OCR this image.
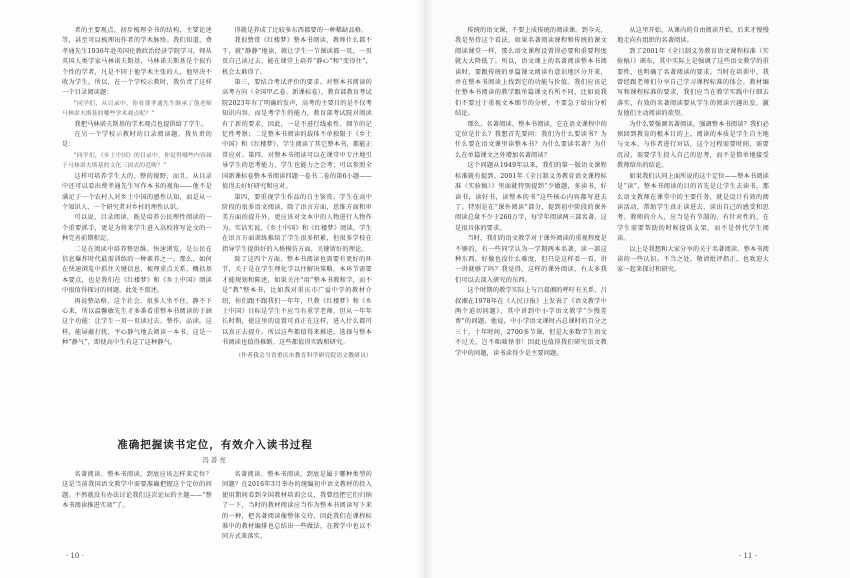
者的主要观点，初步梳理全书的结构、主要论述等，甚至可以梳理出作者的学术脉络。我们知道，费孝通先生1936年赴英国伦敦政治经济学院学习，师从英国人类学家马林诺夫斯基，马林诺夫斯基是个很有个性的学者，凡是不同于他学术主张的人，他坚决不收为学生。所以，在一个学校示教时，我负责了这样一个目录阅读题：

“同学们，从目录中，你看费孝通先生继承了他老师马林诺夫斯基的哪些学术观点呢？”

我把马林诺夫斯基的学术观点也提供给了学生。

在另一个学校示教时的目录阅读题，我负责的是：

“同学们，《乡土中国》的目录中，你觉得哪些内容属于马林诺夫斯基的文化三因式的范畴？”

这样可培养学生大的、整的视野，而且，从目录中还可以看出费孝通先生写作本书的视角——他不是满足于一个农村人对乡土中国的感性认知，而是从一个知识人、一个研究者对乡村的理性认识。

可以说，目录阅读，既是培养公民理性阅读的一个重要抓手，更是为将来学生进入高校将写论文的一种完善前期积淀。

二是在阅读中培养整思维。快速浏览，是公民在信息爆炸时代最需训练的一种素养之一。那么，如何在快速浏览中抓住关键信息，梳理重点关系，概括基本要点，也是我们在《红楼梦》和《乡土中国》阅读中很值得探讨的问题。此处不赘述。

再说整品格。这个社会，很多人坐不住，静不下心来，所以温馨敏先生才多番看重整本书阅读的于涵这个功能：让学生一页一页读过去，整作，品读。这样，能屏蔽打扰，平心静气地去阅读一本书，这是一种“静气”，即使高中生有这了这种静气，

得就是养成了比较多东西都要的一种稀缺品格。

我很赞赏《红楼梦》整本书阅读，教师什么都不干，就“静静”地读，就让学生一节课读都一页，一页页自己读过去，能在课堂上培养“静心”和“变得住”，机会太难得了。

第三，要结合考试评价的要求。对整本书阅读的高考方向（全国甲乙卷、新课标卷），教育部教育考试院2023年有了明确的发声，高考的主要目的是不仅考知识内容，而是考学生的能力，教育部考试院对阅读有了新的要求，因此，一是不进行线索性、细节的记忆性考察；二是整本书阅读的载体不单独限于《乡土中国》和《红楼梦》，学生阅读了其它整本书，都能正常应对。第四，对整本书阅读可以在课堂中专注地引导学生的思考能力，学生也能力之会考；可以参照全国新课标卷整本书阅读四题一卷书二卷的第6小题——值得去好好研究和应对。

第四，要重视学生作品的自主鉴赏。学生在高中阶段的很多语文阅读，除了语言方面，思维方面和审美方面的提升外，更应该对文本中的人物进行入物作为。实话实说，《乡土中国》和《红楼梦》阅读，学生在语言方面训练推给了学生很多积累，但很多学校在指导学生提供好的入格模仿方面，关键留好的理论。

除了这四个方面，整本书阅读也需要有更好的环节，关于是在学生理化学以往解决策略，本环节需要才能规划和陈述，如果关注“用”整本书教和学，而不是“教”整本书，比如我对重庆市广益中学的教材介绍，你们跟不跟我们一年年，只教《红楼梦》和《乡土中国》目标是学生不应当有重学老师，但从一年年长时期，使这里的设置可真正在这样，进入什么都可以真正去提升。所以这些都值得来推进，选择与整本书阅读也值得推断，这些都值得实践和研究。

（作者我会当省重庆市教育科学研究院语文教研员）

准确把握读书定位，有效介入读书过程
冯善亮

名著阅读、整本书阅读，到底应该怎样来定位？这是当前我国语文教学中需要准确把握这个定位的问题。不然就没有办法讨论我们这次论坛的主题——“整本书阅读推进实效”了。

名著阅读、整本书阅读，到底是属于哪种类型的问题？在2016年3月举办的统编初中语文教材的投入使用期间看到全国教材培训会议，我曾经把它们归纳了一下，当时的教材阅读应当作为整本书阅读写下来的一种，把名著阅读像整体交待，因此我们在课程标准中的教材编排也总结出一些做法，在教学中也以不同方式来落实。

· 10 ·

传统的语文课，不要上成传统的阅读课。到今天，我是坚持这个看法，如果名著阅读课程和传统的课文阅读课堂一样，那么语文课程设置得必要和重要程度就大大降低了。所以，语文课上的名著阅读整本书阅读时，要跟传统的单篇课文阅读有意识地区分开来，并在整本书阅读上找到它的功能与价值。我们应该记住整本书阅读的教学跟单篇课文有所不同，比如说我们不要过于重视文本细节的分析，不要急于给出分析结论。

那么，名著阅读、整本书阅读，它在语文课程中的定位是什么？我想首先要问：我们为什么要读书？为什么要在语文课里读整本书？为什么要读名著？为什么在单篇课文之外增加名著阅读？

这个问题从1949年以来，我们的第一版语文课程标准就有提到。2001年《全日制义务教育语文课程标准（实验稿）》里面就特别提到“少做题，多读书，好读书，读好书，读整本的书”这些核心内容都写进去了。特别是在“课外阅读”部分，提到初中阶段的课外阅读总量不少于260万字，每学年阅读两三部名著，这是很具体的要求。

当时，我们的语文教学对于课外阅读的重视程度是不够的，有一些同学认为一学期两本名著，读一部这种东西，好像也没什么难度，但只是这样看一看，讲一讲就够了吗？我觉得，这样的课外阅读，有太多我们可以去深入研究的东西。

这个时期的教学实际上与吕叔湘的呼吁有关系，吕叔湘在1978年在《人民日报》上发表了《语文教学中两个迫切问题》，其中讲到中小学语文教学“少慢差费”的问题，他说，中小学语文课时占总课时的百分之三十，十年时间，2700多节课，但是大多数学生语文不过关，岂不咄咄怪事！因此也值得我们研究语文教学中的问题，读书读得少是主要问题。

从这里开始，从课内的自由阅读开始，后来才慢慢地走向有组织的名著阅读。

到了2001年《全日制义务教育语文课程标准（实验稿）》颁布，其中实际上是强调了这些语文教学的重要性，也明确了名著阅读的要求。当时在培训中，我曾经跟老师们分享自己学习课程标准的体会。教材编写和课程标准的要求，我们应当在教学实践中仔细去落实，有效的名著阅读要从学生的阅读兴趣出发，激发他们主动阅读的欲望。

为什么要强调名著阅读，强调整本书阅读？我们必须回到教育的根本目的上。阅读的本质是学生自主地与文本、与作者进行对话，这个过程需要时间，需要沉浸，需要学生投入自己的思考，而不是简单地接受教师给出的结论。

如果我们认同上面所说的这个定位——整本书阅读是“读”，整本书阅读的目的首先是让学生去读书，那么语文教师在课堂中的主要任务，就是设计有效的阅读活动，帮助学生真正读进去，读出自己的感受和思考。教师的介入，应当是有节制的、有针对性的，在学生需要帮助的时候提供支架，而不是替代学生阅读。

以上是我想和大家分享的关于名著阅读、整本书阅读的一些认识。不当之处，敬请批评指正，也欢迎大家一起来探讨和研究。

· 11 ·
